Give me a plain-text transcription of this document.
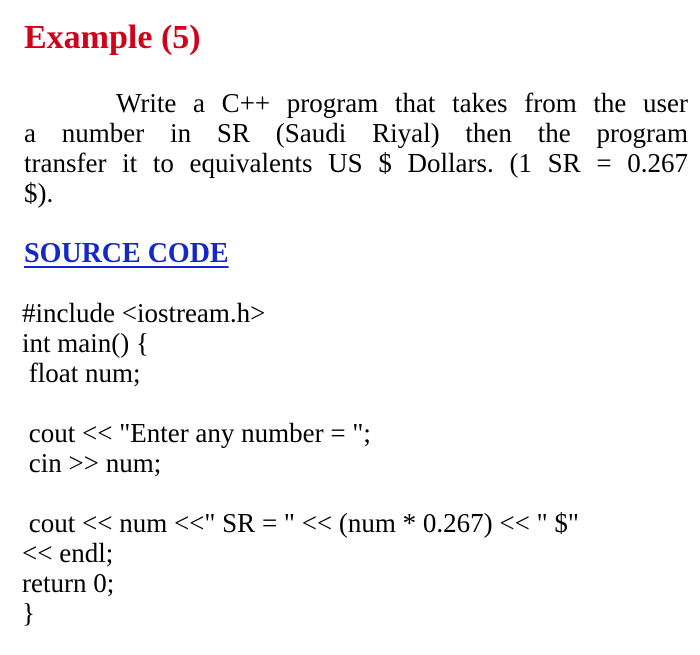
Example (5)
Write a C++ program that takes from the user
a number in SR (Saudi Riyal) then the program
transfer it to equivalents US $ Dollars. (1 SR = 0.267
$).
SOURCE CODE
#include <iostream.h>
int main() {
float num;
cout << "Enter any number = ";
cin >> num;
cout << num <<" SR = " << (num * 0.267) << " $"
<< endl;
return 0;
}
